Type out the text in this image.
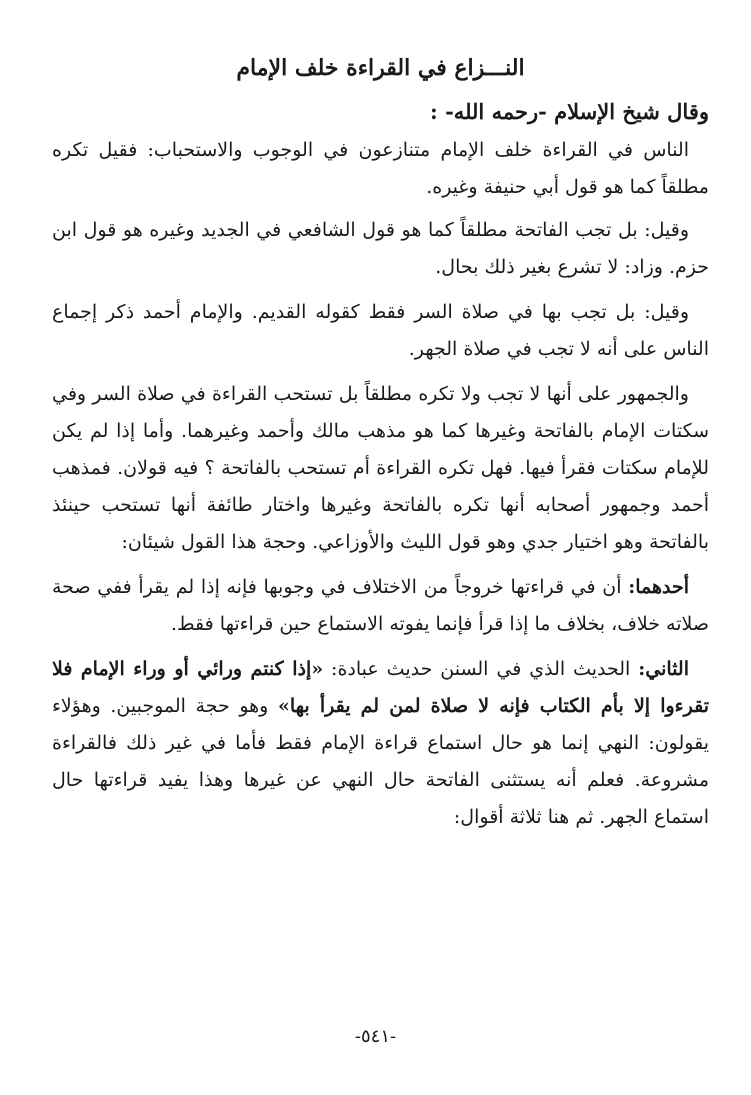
النـــزاع في القراءة خلف الإمام

وقال شيخ الإسلام -رحمه الله- :

الناس في القراءة خلف الإمام متنازعون في الوجوب والاستحباب: فقيل تكره مطلقاً كما هو قول أبي حنيفة وغيره.

وقيل: بل تجب الفاتحة مطلقاً كما هو قول الشافعي في الجديد وغيره هو قول ابن حزم. وزاد: لا تشرع بغير ذلك بحال.

وقيل: بل تجب بها في صلاة السر فقط كقوله القديم. والإمام أحمد ذكر إجماع الناس على أنه لا تجب في صلاة الجهر.

والجمهور على أنها لا تجب ولا تكره مطلقاً بل تستحب القراءة في صلاة السر وفي سكتات الإمام بالفاتحة وغيرها كما هو مذهب مالك وأحمد وغيرهما. وأما إذا لم يكن للإمام سكتات فقرأ فيها. فهل تكره القراءة أم تستحب بالفاتحة ؟ فيه قولان. فمذهب أحمد وجمهور أصحابه أنها تكره بالفاتحة وغيرها واختار طائفة أنها تستحب حينئذ بالفاتحة وهو اختيار جدي وهو قول الليث والأوزاعي. وحجة هذا القول شيئان:

أحدهما: أن في قراءتها خروجاً من الاختلاف في وجوبها فإنه إذا لم يقرأ ففي صحة صلاته خلاف، بخلاف ما إذا قرأ فإنما يفوته الاستماع حين قراءتها فقط.

الثاني: الحديث الذي في السنن حديث عبادة: «إذا كنتم ورائي أو وراء الإمام فلا تقرءوا إلا بأم الكتاب فإنه لا صلاة لمن لم يقرأ بها» وهو حجة الموجبين. وهؤلاء يقولون: النهي إنما هو حال استماع قراءة الإمام فقط فأما في غير ذلك فالقراءة مشروعة. فعلم أنه يستثنى الفاتحة حال النهي عن غيرها وهذا يفيد قراءتها حال استماع الجهر. ثم هنا ثلاثة أقوال:

-٥٤١-
